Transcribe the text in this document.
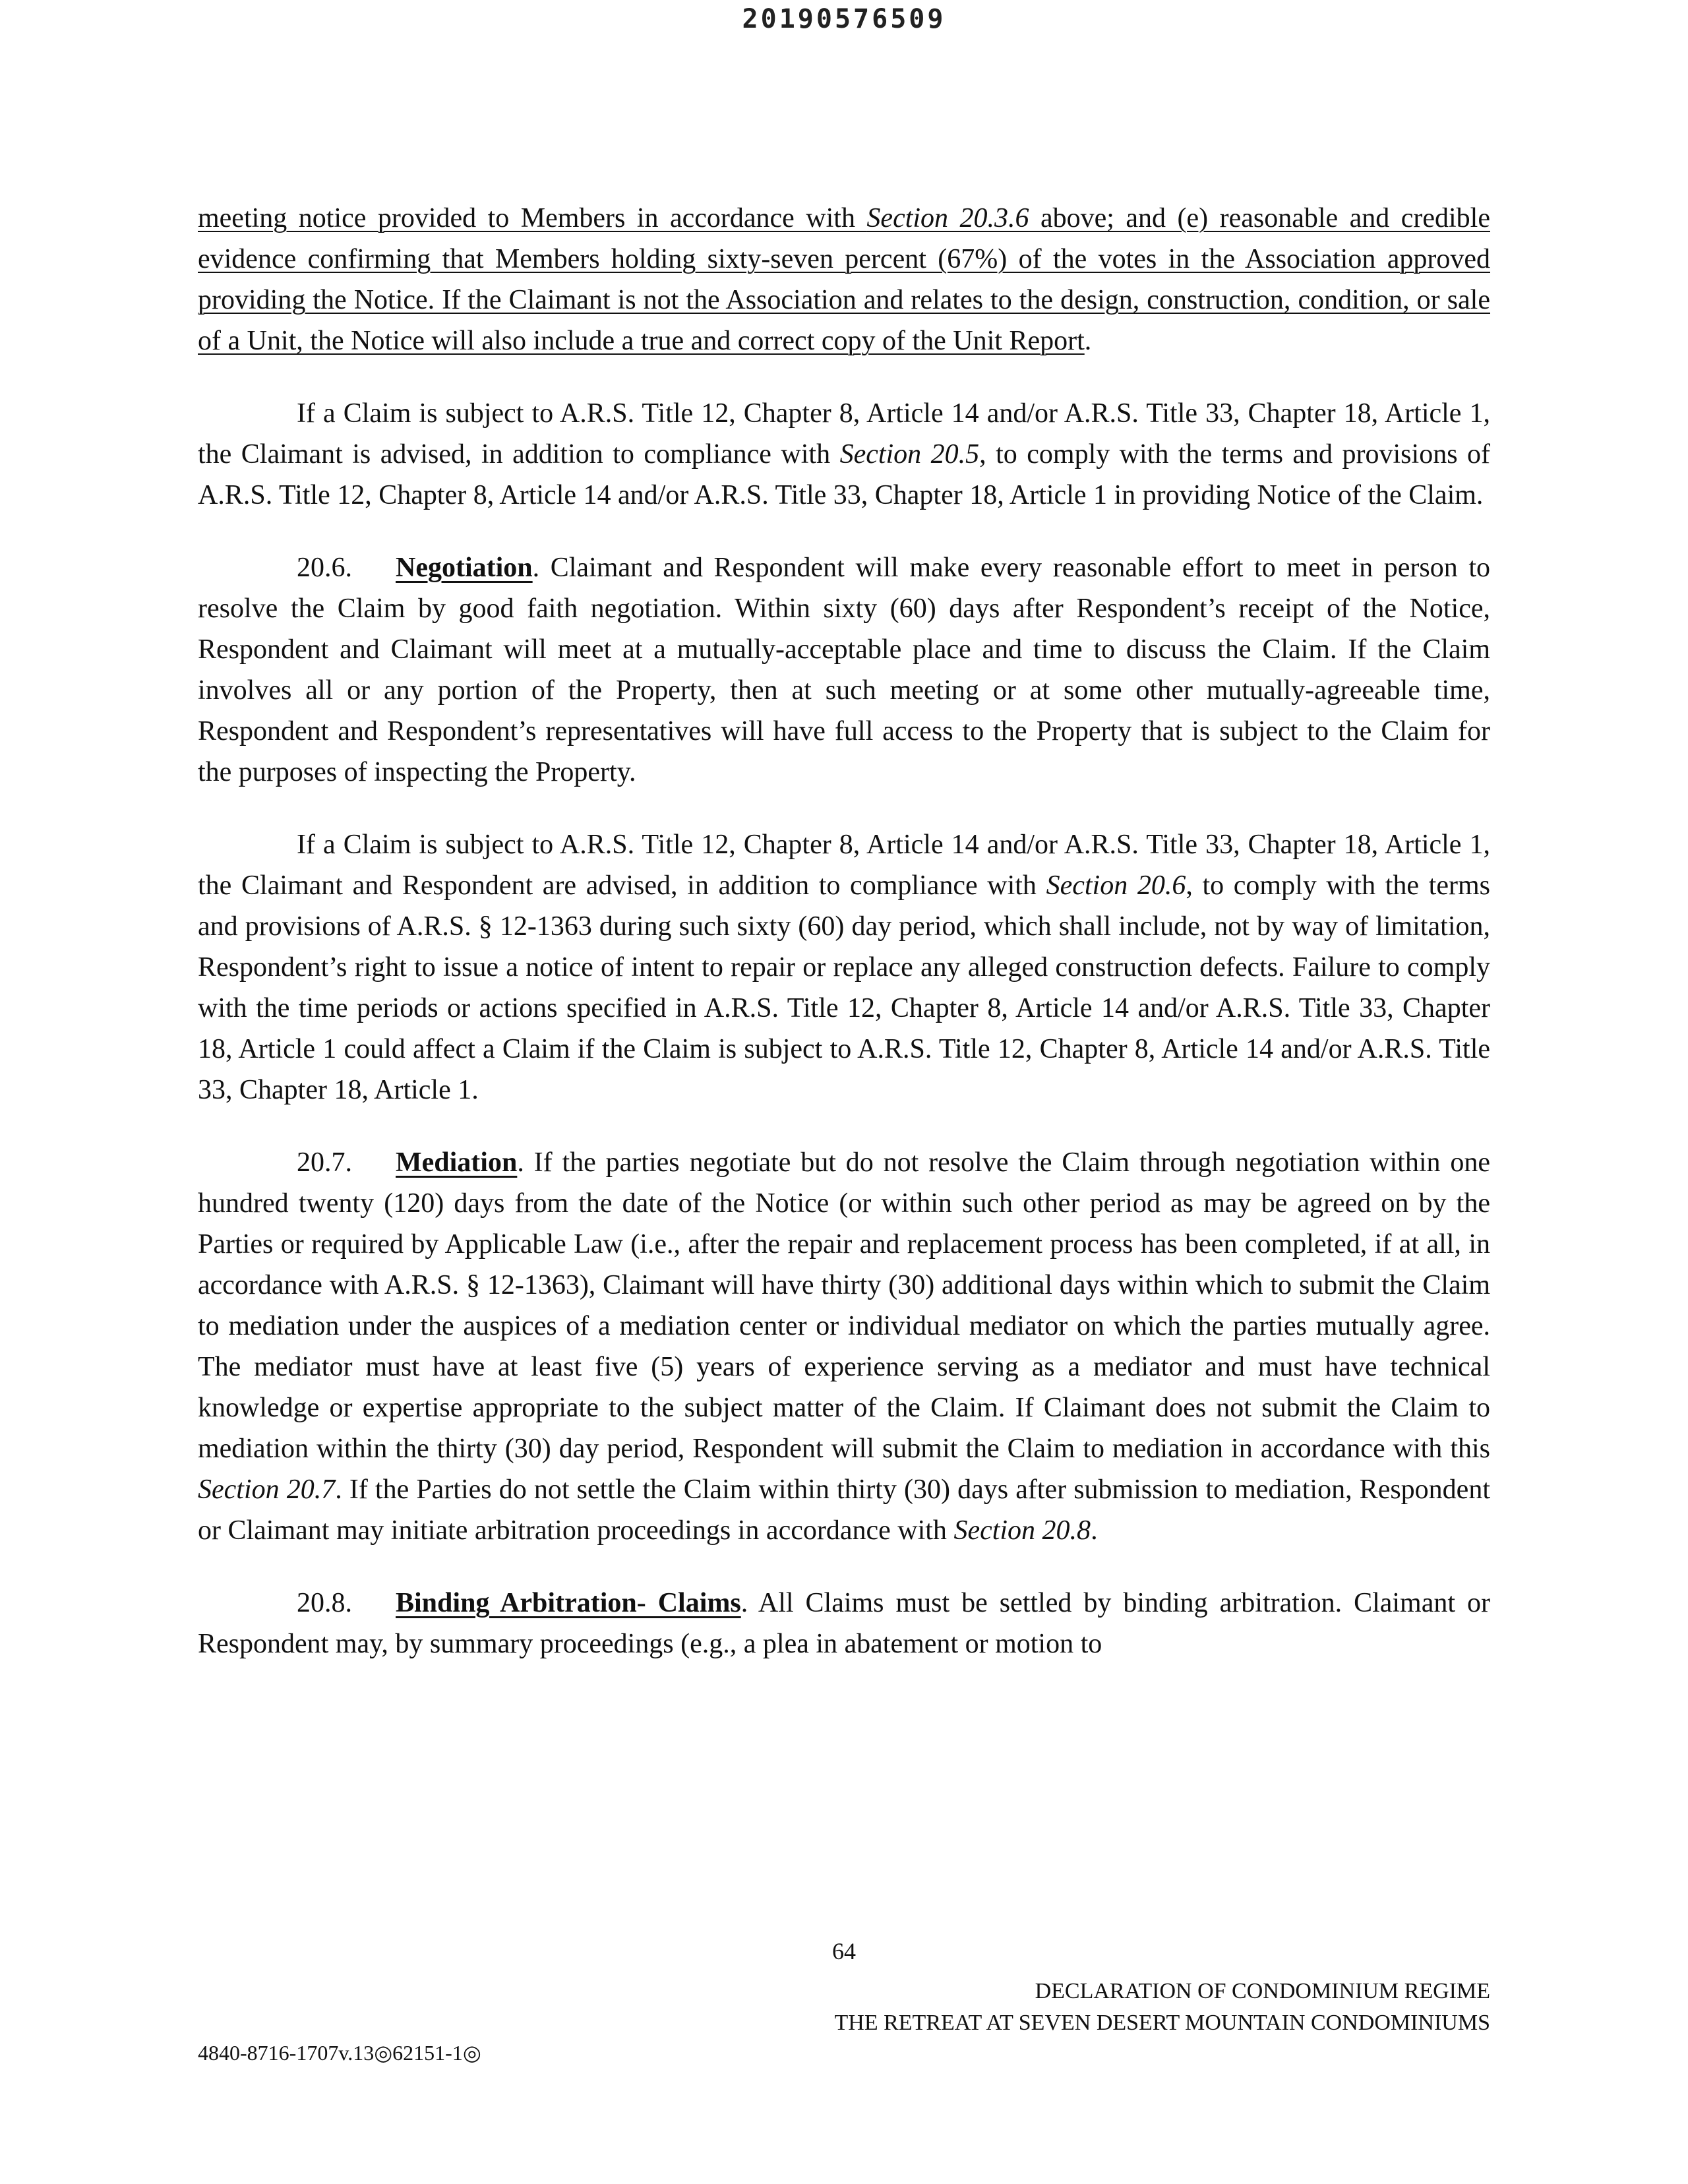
20190576509

meeting notice provided to Members in accordance with Section 20.3.6 above; and (e) reasonable and credible evidence confirming that Members holding sixty-seven percent (67%) of the votes in the Association approved providing the Notice. If the Claimant is not the Association and relates to the design, construction, condition, or sale of a Unit, the Notice will also include a true and correct copy of the Unit Report.

If a Claim is subject to A.R.S. Title 12, Chapter 8, Article 14 and/or A.R.S. Title 33, Chapter 18, Article 1, the Claimant is advised, in addition to compliance with Section 20.5, to comply with the terms and provisions of A.R.S. Title 12, Chapter 8, Article 14 and/or A.R.S. Title 33, Chapter 18, Article 1 in providing Notice of the Claim.

20.6. Negotiation. Claimant and Respondent will make every reasonable effort to meet in person to resolve the Claim by good faith negotiation. Within sixty (60) days after Respondent’s receipt of the Notice, Respondent and Claimant will meet at a mutually-acceptable place and time to discuss the Claim. If the Claim involves all or any portion of the Property, then at such meeting or at some other mutually-agreeable time, Respondent and Respondent’s representatives will have full access to the Property that is subject to the Claim for the purposes of inspecting the Property.

If a Claim is subject to A.R.S. Title 12, Chapter 8, Article 14 and/or A.R.S. Title 33, Chapter 18, Article 1, the Claimant and Respondent are advised, in addition to compliance with Section 20.6, to comply with the terms and provisions of A.R.S. § 12-1363 during such sixty (60) day period, which shall include, not by way of limitation, Respondent’s right to issue a notice of intent to repair or replace any alleged construction defects. Failure to comply with the time periods or actions specified in A.R.S. Title 12, Chapter 8, Article 14 and/or A.R.S. Title 33, Chapter 18, Article 1 could affect a Claim if the Claim is subject to A.R.S. Title 12, Chapter 8, Article 14 and/or A.R.S. Title 33, Chapter 18, Article 1.

20.7. Mediation. If the parties negotiate but do not resolve the Claim through negotiation within one hundred twenty (120) days from the date of the Notice (or within such other period as may be agreed on by the Parties or required by Applicable Law (i.e., after the repair and replacement process has been completed, if at all, in accordance with A.R.S. § 12-1363), Claimant will have thirty (30) additional days within which to submit the Claim to mediation under the auspices of a mediation center or individual mediator on which the parties mutually agree. The mediator must have at least five (5) years of experience serving as a mediator and must have technical knowledge or expertise appropriate to the subject matter of the Claim. If Claimant does not submit the Claim to mediation within the thirty (30) day period, Respondent will submit the Claim to mediation in accordance with this Section 20.7. If the Parties do not settle the Claim within thirty (30) days after submission to mediation, Respondent or Claimant may initiate arbitration proceedings in accordance with Section 20.8.

20.8. Binding Arbitration- Claims. All Claims must be settled by binding arbitration. Claimant or Respondent may, by summary proceedings (e.g., a plea in abatement or motion to

64
DECLARATION OF CONDOMINIUM REGIME
THE RETREAT AT SEVEN DESERT MOUNTAIN CONDOMINIUMS
4840-8716-1707v.13◎62151-1◎
